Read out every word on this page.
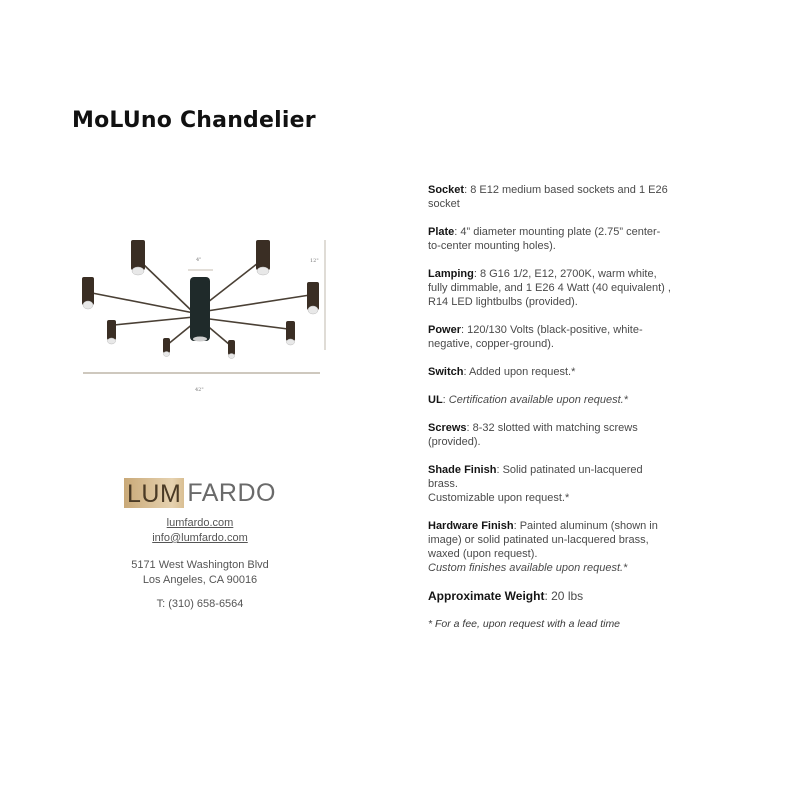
MoLUno Chandelier
4"	12"
42"
Socket: 8 E12 medium based sockets and 1 E26 socket
Plate: 4” diameter mounting plate (2.75” center-to-center mounting holes).
Lamping: 8 G16 1/2, E12, 2700K, warm white, fully dimmable, and 1 E26 4 Watt (40 equivalent) , R14 LED lightbulbs (provided).
Power: 120/130 Volts (black-positive, white-negative, copper-ground).
Switch: Added upon request.*
UL: Certification available upon request.*
Screws: 8-32 slotted with matching screws (provided).
Shade Finish: Solid patinated un-lacquered brass.
Customizable upon request.*
Hardware Finish: Painted aluminum (shown in image) or solid patinated un-lacquered brass, waxed (upon request).
Custom finishes available upon request.*
Approximate Weight: 20 lbs
* For a fee, upon request with a lead time
LUM FARDO
lumfardo.com
info@lumfardo.com
5171 West Washington Blvd
Los Angeles, CA 90016
T: (310) 658-6564
